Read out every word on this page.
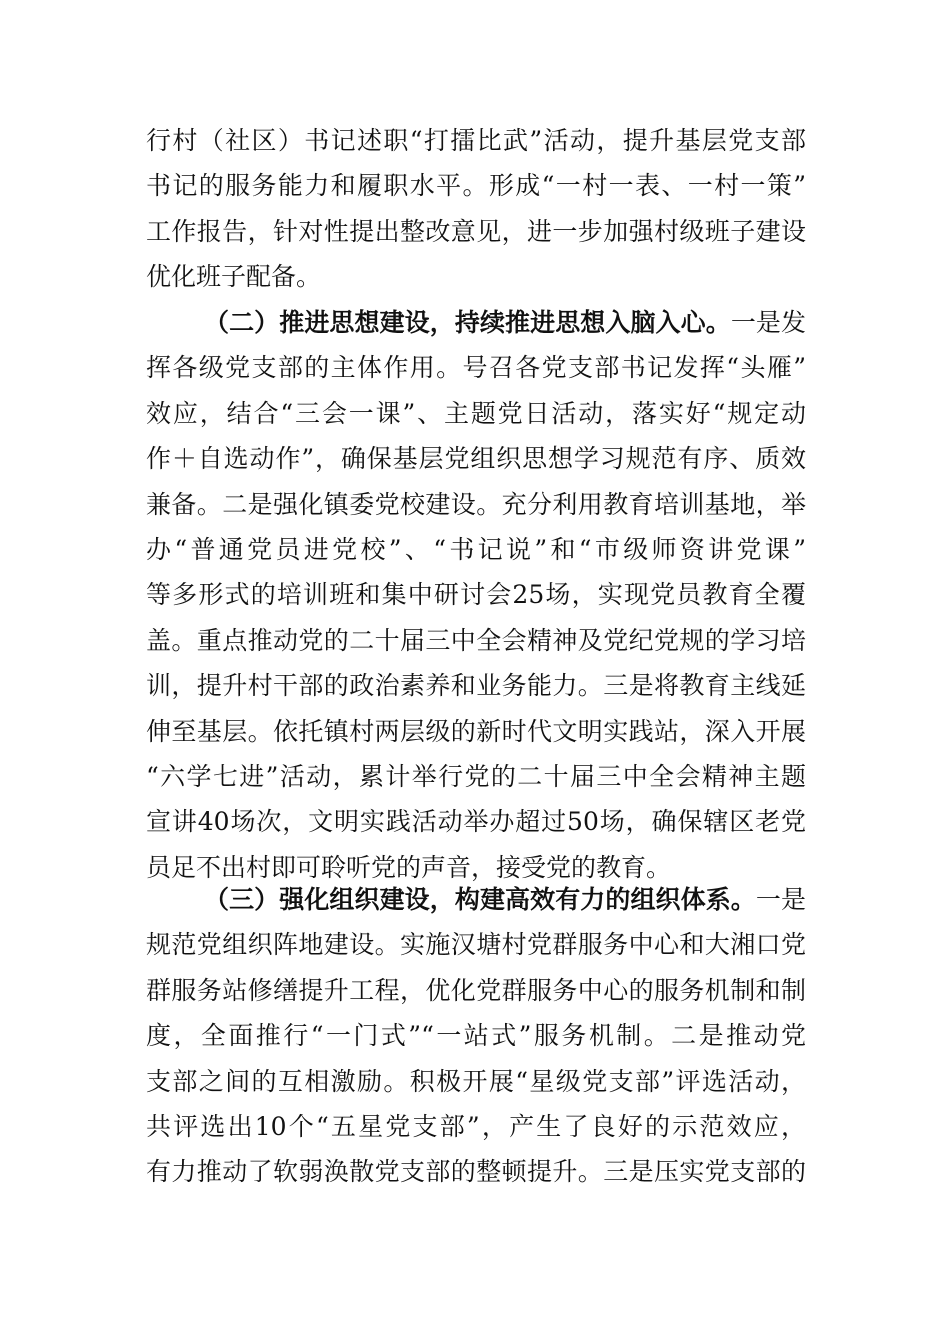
行村（社区）书记述职“打擂比武”活动，提升基层党支部
书记的服务能力和履职水平。形成“一村一表、一村一策”
工作报告，针对性提出整改意见，进一步加强村级班子建设
优化班子配备。
（二）推进思想建设，持续推进思想入脑入心。一是发
挥各级党支部的主体作用。号召各党支部书记发挥“头雁”
效应，结合“三会一课”、主题党日活动，落实好“规定动
作＋自选动作”，确保基层党组织思想学习规范有序、质效
兼备。二是强化镇委党校建设。充分利用教育培训基地，举
办“普通党员进党校”、“书记说”和“市级师资讲党课”
等多形式的培训班和集中研讨会25场，实现党员教育全覆
盖。重点推动党的二十届三中全会精神及党纪党规的学习培
训，提升村干部的政治素养和业务能力。三是将教育主线延
伸至基层。依托镇村两层级的新时代文明实践站，深入开展
“六学七进”活动，累计举行党的二十届三中全会精神主题
宣讲40场次，文明实践活动举办超过50场，确保辖区老党
员足不出村即可聆听党的声音，接受党的教育。
（三）强化组织建设，构建高效有力的组织体系。一是
规范党组织阵地建设。实施汉塘村党群服务中心和大湘口党
群服务站修缮提升工程，优化党群服务中心的服务机制和制
度，全面推行“一门式”“一站式”服务机制。二是推动党
支部之间的互相激励。积极开展“星级党支部”评选活动，
共评选出10个“五星党支部”，产生了良好的示范效应，
有力推动了软弱涣散党支部的整顿提升。三是压实党支部的
